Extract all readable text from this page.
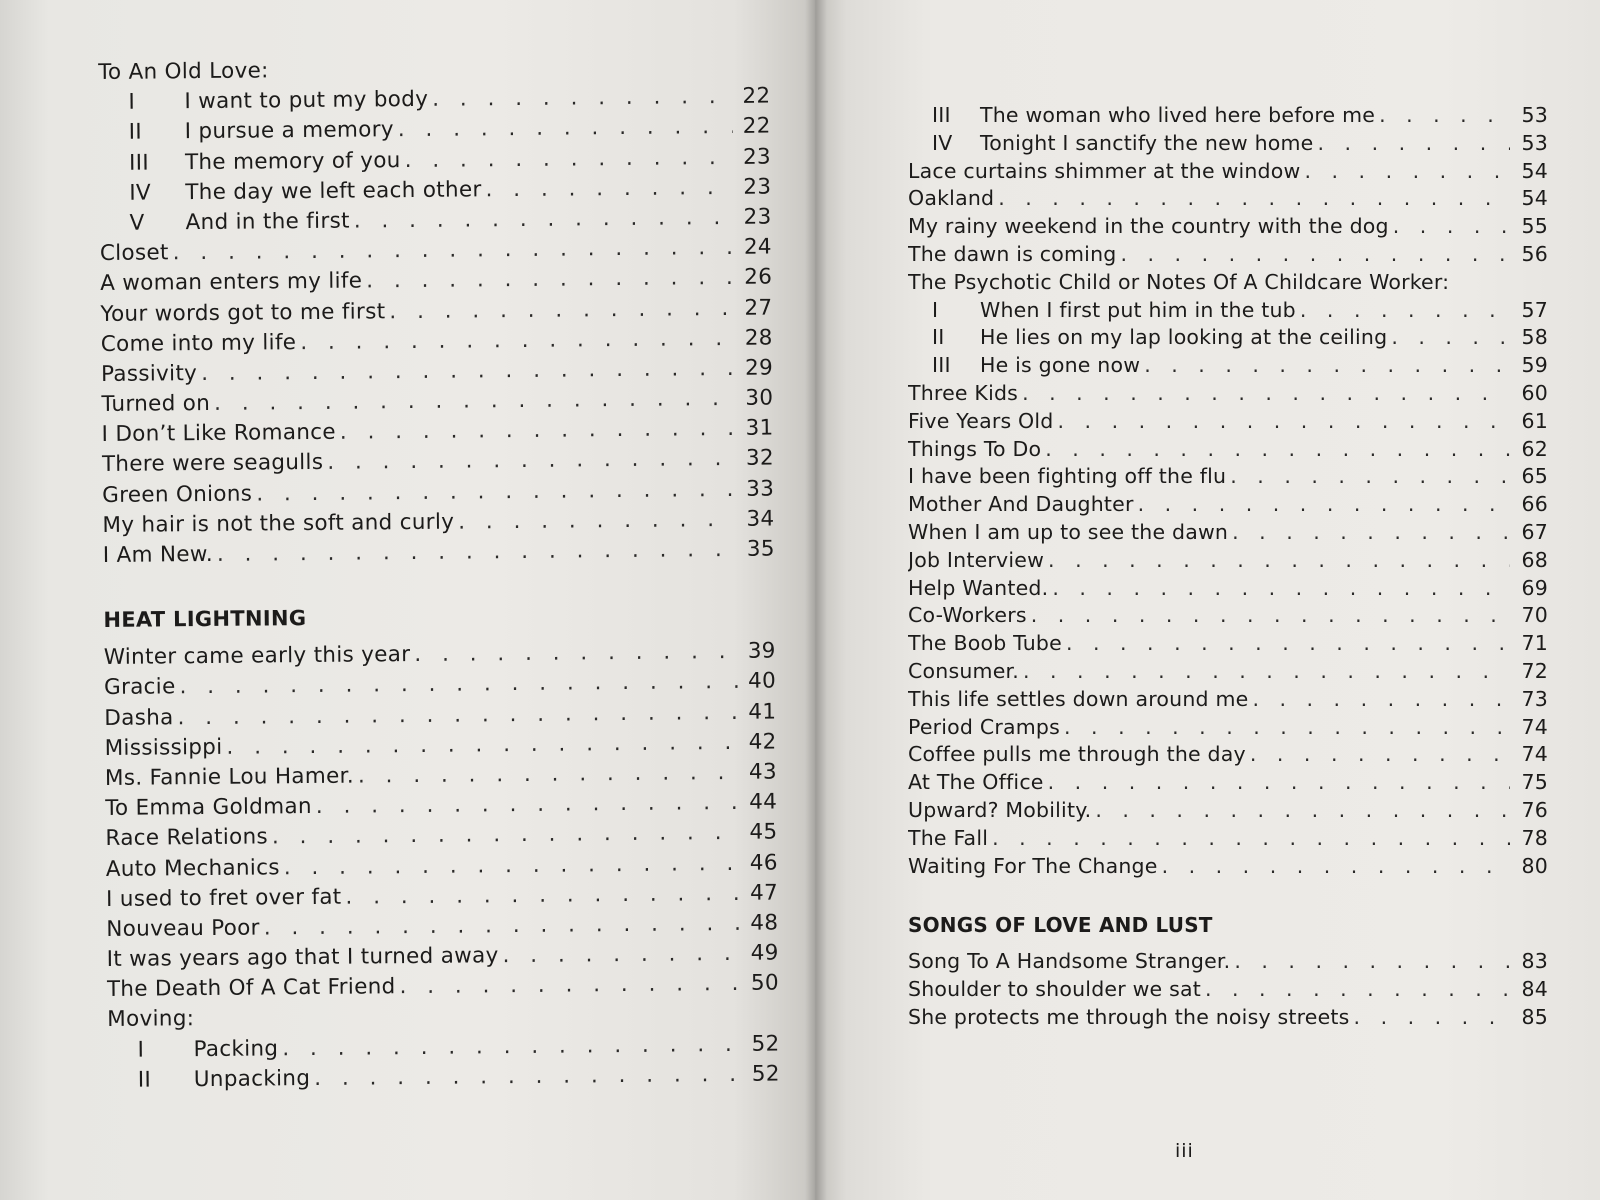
To An Old Love:
I	I want to put my body . . .	22
II	I pursue a memory . . .	22
III	The memory of you . . .	23
IV	The day we left each other . . .	23
V	And in the first . . .	23
Closet . . .	24
A woman enters my life . . .	26
Your words got to me first . . .	27
Come into my life . . .	28
Passivity . . .	29
Turned on . . .	30
I Don’t Like Romance . . .	31
There were seagulls . . .	32
Green Onions . . .	33
My hair is not the soft and curly . . .	34
I Am New. . . .	35
HEAT LIGHTNING
Winter came early this year . . .	39
Gracie . . .	40
Dasha . . .	41
Mississippi . . .	42
Ms. Fannie Lou Hamer. . . .	43
To Emma Goldman . . .	44
Race Relations . . .	45
Auto Mechanics . . .	46
I used to fret over fat . . .	47
Nouveau Poor . . .	48
It was years ago that I turned away . . .	49
The Death Of A Cat Friend . . .	50
Moving:
I	Packing . . .	52
II	Unpacking . . .	52
III	The woman who lived here before me . . .	53
IV	Tonight I sanctify the new home . . .	53
Lace curtains shimmer at the window . . .	54
Oakland . . .	54
My rainy weekend in the country with the dog . . .	55
The dawn is coming . . .	56
The Psychotic Child or Notes Of A Childcare Worker:
I	When I first put him in the tub . . .	57
II	He lies on my lap looking at the ceiling . . .	58
III	He is gone now . . .	59
Three Kids . . .	60
Five Years Old . . .	61
Things To Do . . .	62
I have been fighting off the flu . . .	65
Mother And Daughter . . .	66
When I am up to see the dawn . . .	67
Job Interview . . .	68
Help Wanted. . . .	69
Co-Workers . . .	70
The Boob Tube . . .	71
Consumer. . . .	72
This life settles down around me . . .	73
Period Cramps . . .	74
Coffee pulls me through the day . . .	74
At The Office . . .	75
Upward? Mobility. . . .	76
The Fall . . .	78
Waiting For The Change . . .	80
SONGS OF LOVE AND LUST
Song To A Handsome Stranger. . . .	83
Shoulder to shoulder we sat . . .	84
She protects me through the noisy streets . . .	85
iii
